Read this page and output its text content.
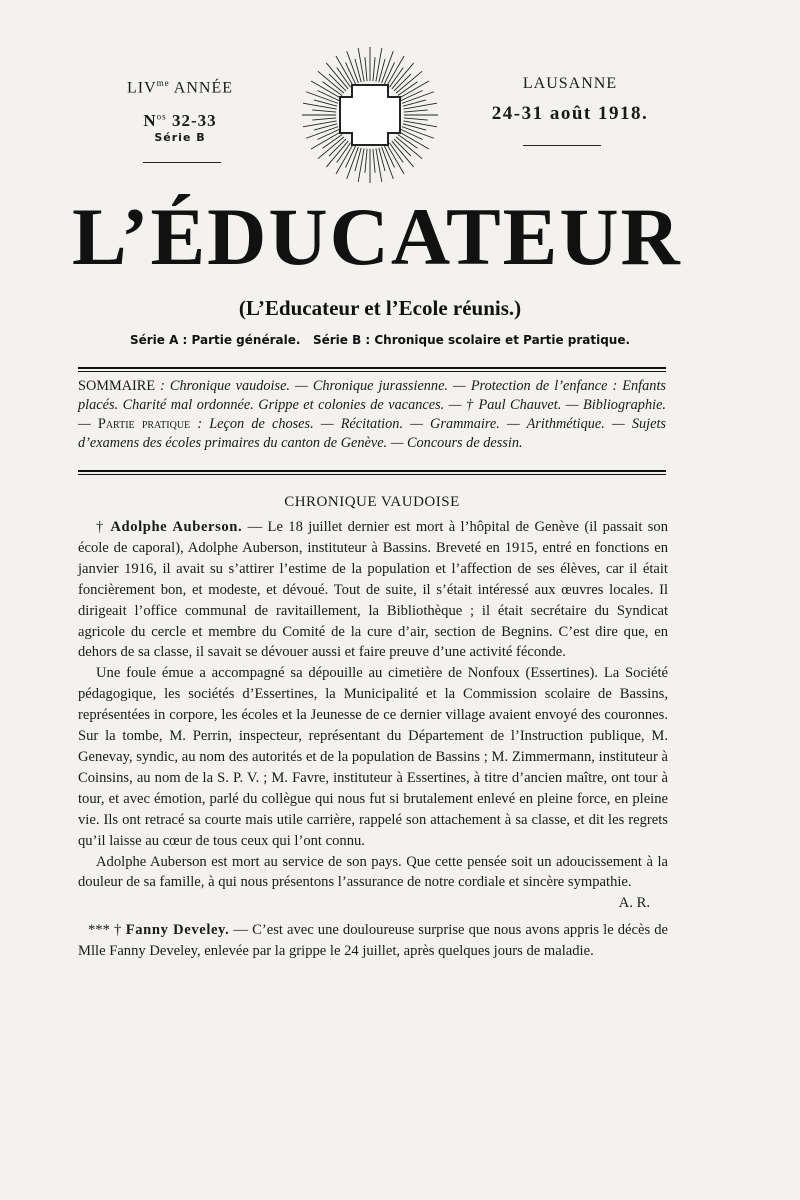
$LIV^{me}$ ANNÉE
$N^{os}$ 32-33
Série B
LAUSANNE
24-31 août 1918.
L’ÉDUCATEUR
(L’Educateur et l’Ecole réunis.)
Série A : Partie générale.   Série B : Chronique scolaire et Partie pratique.
SOMMAIRE : Chronique vaudoise. — Chronique jurassienne. — Protection de l’enfance : Enfants placés. Charité mal ordonnée. Grippe et colonies de vacances. — † Paul Chauvet. — Bibliographie. — Partie pratique : Leçon de choses. — Récitation. — Grammaire. — Arithmétique. — Sujets d’examens des écoles primaires du canton de Genève. — Concours de dessin.
CHRONIQUE VAUDOISE

† Adolphe Auberson. — Le 18 juillet dernier est mort à l’hôpital de Genève (il passait son école de caporal), Adolphe Auberson, instituteur à Bassins. Breveté en 1915, entré en fonctions en janvier 1916, il avait su s’attirer l’estime de la population et l’affection de ses élèves, car il était foncièrement bon, et modeste, et dévoué. Tout de suite, il s’était intéressé aux œuvres locales. Il dirigeait l’office communal de ravitaillement, la Bibliothèque ; il était secrétaire du Syndicat agricole du cercle et membre du Comité de la cure d’air, section de Begnins. C’est dire que, en dehors de sa classe, il savait se dévouer aussi et faire preuve d’une activité féconde.

Une foule émue a accompagné sa dépouille au cimetière de Nonfoux (Essertines). La Société pédagogique, les sociétés d’Essertines, la Municipalité et la Commission scolaire de Bassins, représentées in corpore, les écoles et la Jeunesse de ce dernier village avaient envoyé des couronnes. Sur la tombe, M. Perrin, inspecteur, représentant du Département de l’Instruction publique, M. Genevay, syndic, au nom des autorités et de la population de Bassins ; M. Zimmermann, instituteur à Coinsins, au nom de la S. P. V. ; M. Favre, instituteur à Essertines, à titre d’ancien maître, ont tour à tour, et avec émotion, parlé du collègue qui nous fut si brutalement enlevé en pleine force, en pleine vie. Ils ont retracé sa courte mais utile carrière, rappelé son attachement à sa classe, et dit les regrets qu’il laisse au cœur de tous ceux qui l’ont connu.

Adolphe Auberson est mort au service de son pays. Que cette pensée soit un adoucissement à la douleur de sa famille, à qui nous présentons l’assurance de notre cordiale et sincère sympathie.
A. R.

*** † Fanny Develey. — C’est avec une douloureuse surprise que nous avons appris le décès de Mlle Fanny Develey, enlevée par la grippe le 24 juillet, après quelques jours de maladie.
